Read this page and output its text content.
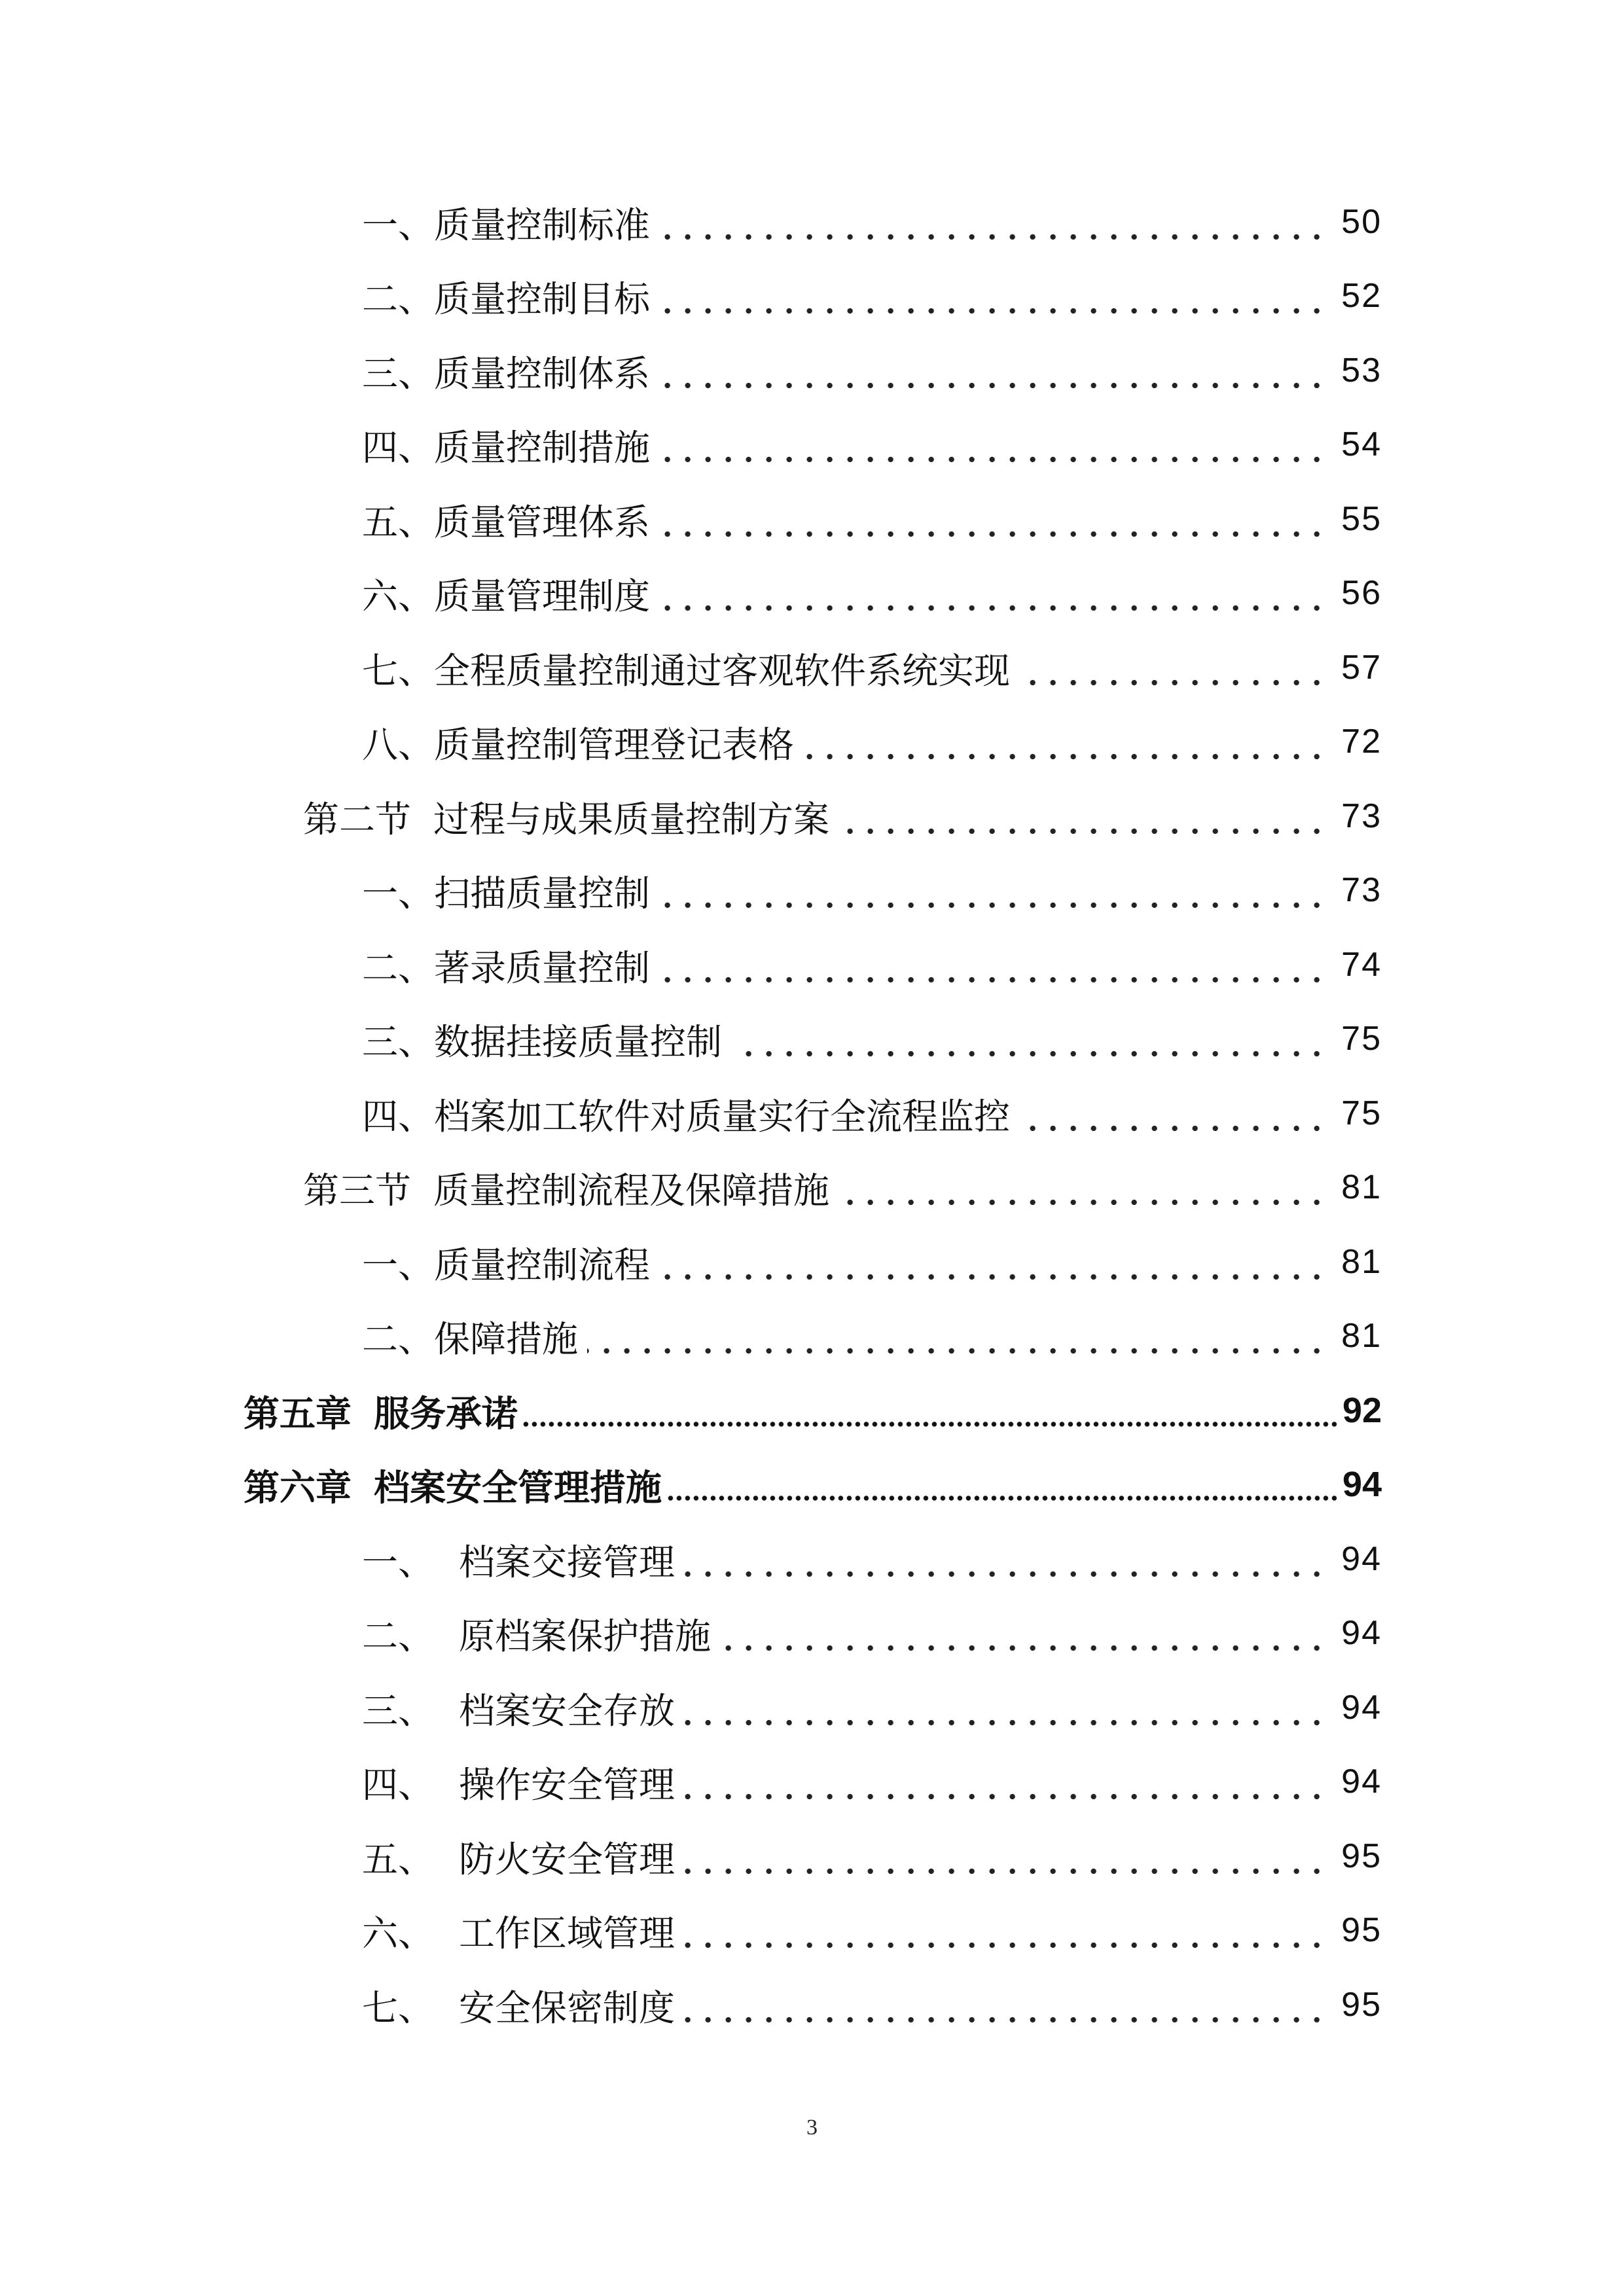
一、 质量控制标准	50
二、 质量控制目标	52
三、 质量控制体系	53
四、 质量控制措施	54
五、 质量管理体系	55
六、 质量管理制度	56
七、 全程质量控制通过客观软件系统实现	57
八、 质量控制管理登记表格	72
第二节 过程与成果质量控制方案	73
一、 扫描质量控制	73
二、 著录质量控制	74
三、 数据挂接质量控制	75
四、 档案加工软件对质量实行全流程监控	75
第三节 质量控制流程及保障措施	81
一、 质量控制流程	81
二、 保障措施	81
第五章 服务承诺	92
第六章 档案安全管理措施	94
一、 档案交接管理	94
二、 原档案保护措施	94
三、 档案安全存放	94
四、 操作安全管理	94
五、 防火安全管理	95
六、 工作区域管理	95
七、 安全保密制度	95
3
